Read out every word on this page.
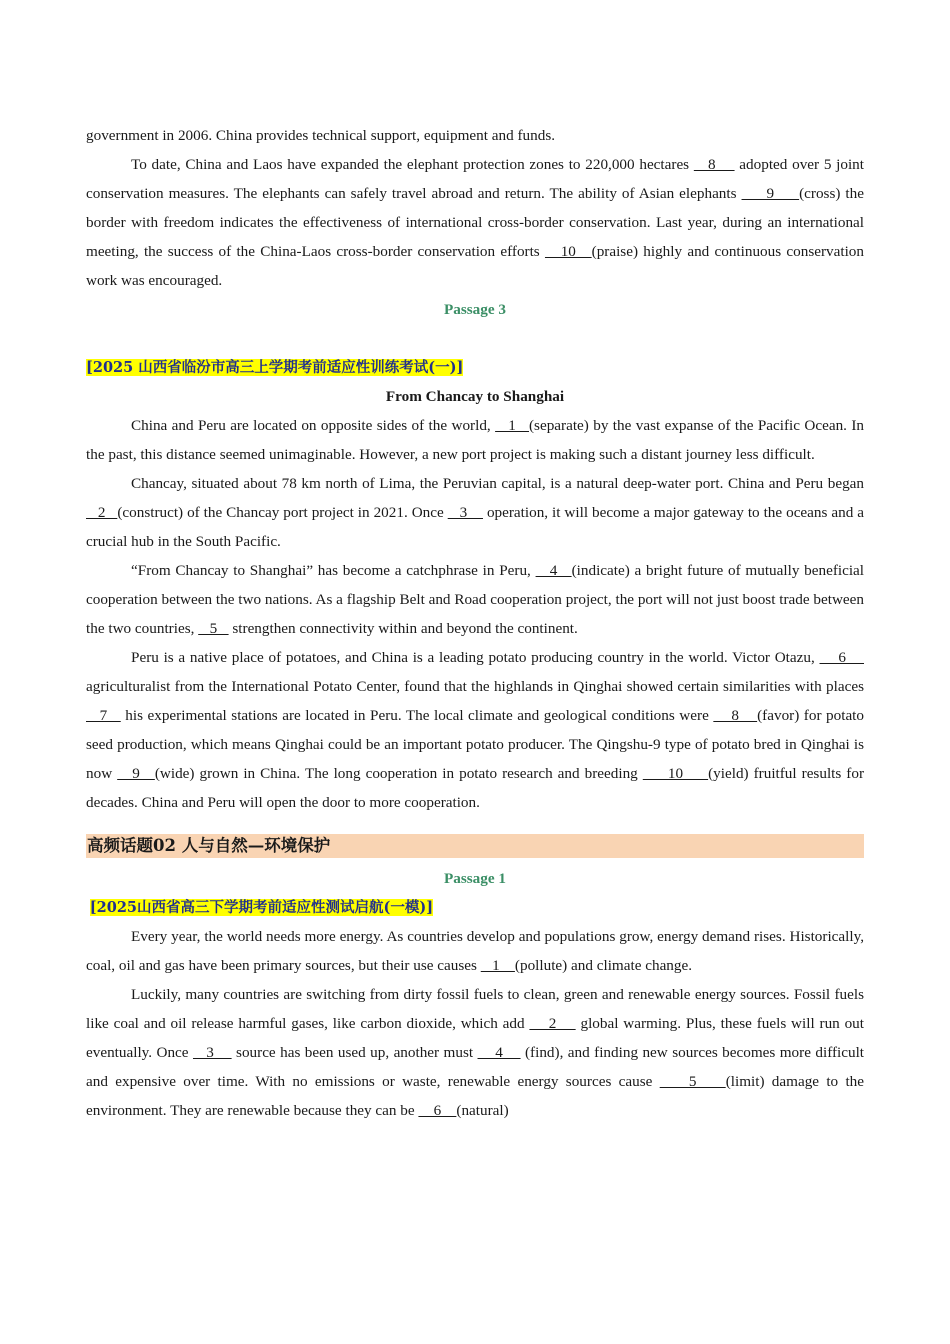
government in 2006. China provides technical support, equipment and funds.

To date, China and Laos have expanded the elephant protection zones to 220,000 hectares    8     adopted over 5 joint conservation measures. The elephants can safely travel abroad and return. The ability of Asian elephants      9     (cross) the border with freedom indicates the effectiveness of international cross-border conservation. Last year, during an international meeting, the success of the China-Laos cross-border conservation efforts    10   (praise) highly and continuous conservation work was encouraged.

Passage 3

[2025 山西省临汾市高三上学期考前适应性训练考试(一)]

From Chancay to Shanghai

China and Peru are located on opposite sides of the world,    1   (separate) by the vast expanse of the Pacific Ocean. In the past, this distance seemed unimaginable. However, a new port project is making such a distant journey less difficult.

Chancay, situated about 78 km north of Lima, the Peruvian capital, is a natural deep-water port. China and Peru began    2   (construct) of the Chancay port project in 2021. Once    3     operation, it will become a major gateway to the oceans and a crucial hub in the South Pacific.

“From Chancay to Shanghai” has become a catchphrase in Peru,    4   (indicate) a bright future of mutually beneficial cooperation between the two nations. As a flagship Belt and Road cooperation project, the port will not just boost trade between the two countries,    5    strengthen connectivity within and beyond the continent.

Peru is a native place of potatoes, and China is a leading potato producing country in the world. Victor Otazu,     6     agriculturalist from the International Potato Center, found that the highlands in Qinghai showed certain similarities with places    7    his experimental stations are located in Peru. The local climate and geological conditions were     8    (favor) for potato seed production, which means Qinghai could be an important potato producer. The Qingshu-9 type of potato bred in Qinghai is now    9   (wide) grown in China. The long cooperation in potato research and breeding      10     (yield) fruitful results for decades. China and Peru will open the door to more cooperation.

高频话题02 人与自然—环境保护

Passage 1

[2025山西省高三下学期考前适应性测试启航(一模)]

Every year, the world needs more energy. As countries develop and populations grow, energy demand rises. Historically, coal, oil and gas have been primary sources, but their use causes    1    (pollute) and climate change.

Luckily, many countries are switching from dirty fossil fuels to clean, green and renewable energy sources. Fossil fuels like coal and oil release harmful gases, like carbon dioxide, which add     2     global warming. Plus, these fuels will run out eventually. Once    3     source has been used up, another must     4     (find), and finding new sources becomes more difficult and expensive over time. With no emissions or waste, renewable energy sources cause     5    (limit) damage to the environment. They are renewable because they can be     6    (natural)
